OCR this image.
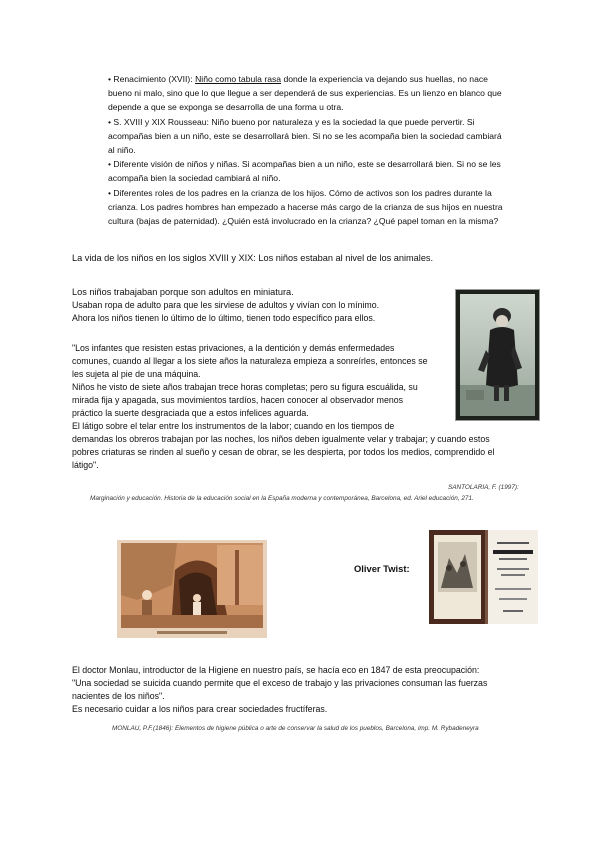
• Renacimiento (XVII): Niño como tabula rasa donde la experiencia va dejando sus huellas, no nace

bueno ni malo, sino que lo que llegue a ser dependerá de sus experiencias. Es un lienzo en blanco que

depende a que se exponga se desarrolla de una forma u otra.

• S. XVIII y XIX Rousseau: Niño bueno por naturaleza y es la sociedad la que puede pervertir. Si

acompañas bien a un niño, este se desarrollará bien. Si no se les acompaña bien la sociedad cambiará

al niño.

• Diferente visión de niños y niñas. Si acompañas bien a un niño, este se desarrollará bien. Si no se les

acompaña bien la sociedad cambiará al niño.

• Diferentes roles de los padres en la crianza de los hijos. Cómo de activos son los padres durante la

crianza. Los padres hombres han empezado a hacerse más cargo de la crianza de sus hijos en nuestra

cultura (bajas de paternidad). ¿Quién está involucrado en la crianza? ¿Qué papel toman en la misma?

La vida de los niños en los siglos XVIII y XIX: Los niños estaban al nivel de los animales.

Los niños trabajaban porque son adultos en miniatura.

Usaban ropa de adulto para que les sirviese de adultos y vivían con lo mínimo.

Ahora los niños tienen lo último de lo último, tienen todo específico para ellos.

"Los infantes que resisten estas privaciones, a la dentición y demás enfermedades

comunes, cuando al llegar a los siete años la naturaleza empieza a sonreírles, entonces se

les sujeta al pie de una máquina.

Niños he visto de siete años trabajan trece horas completas; pero su figura escuálida, su

mirada fija y apagada, sus movimientos tardíos, hacen conocer al observador menos

práctico la suerte desgraciada que a estos infelices aguarda.

El látigo sobre el telar entre los instrumentos de la labor; cuando en los tiempos de

demandas los obreros trabajan por las noches, los niños deben igualmente velar y trabajar; y cuando estos

pobres criaturas se rinden al sueño y cesan de obrar, se les despierta, por todos los medios, comprendido el

látigo".

SANTOLARIA, F. (1997):
Marginación y educación. Historia de la educación social en la España moderna y contemporánea, Barcelona, ed. Ariel educación, 271.
Oliver Twist:

El doctor Monlau, introductor de la Higiene en nuestro país, se hacía eco en 1847 de esta preocupación:

"Una sociedad se suicida cuando permite que el exceso de trabajo y las privaciones consuman las fuerzas

nacientes de los niños".

Es necesario cuidar a los niños para crear sociedades fructíferas.

MONLAU, P.F.(1846): Elementos de higiene pública o arte de conservar la salud de los pueblos, Barcelona, imp. M. Rybadeneyra
